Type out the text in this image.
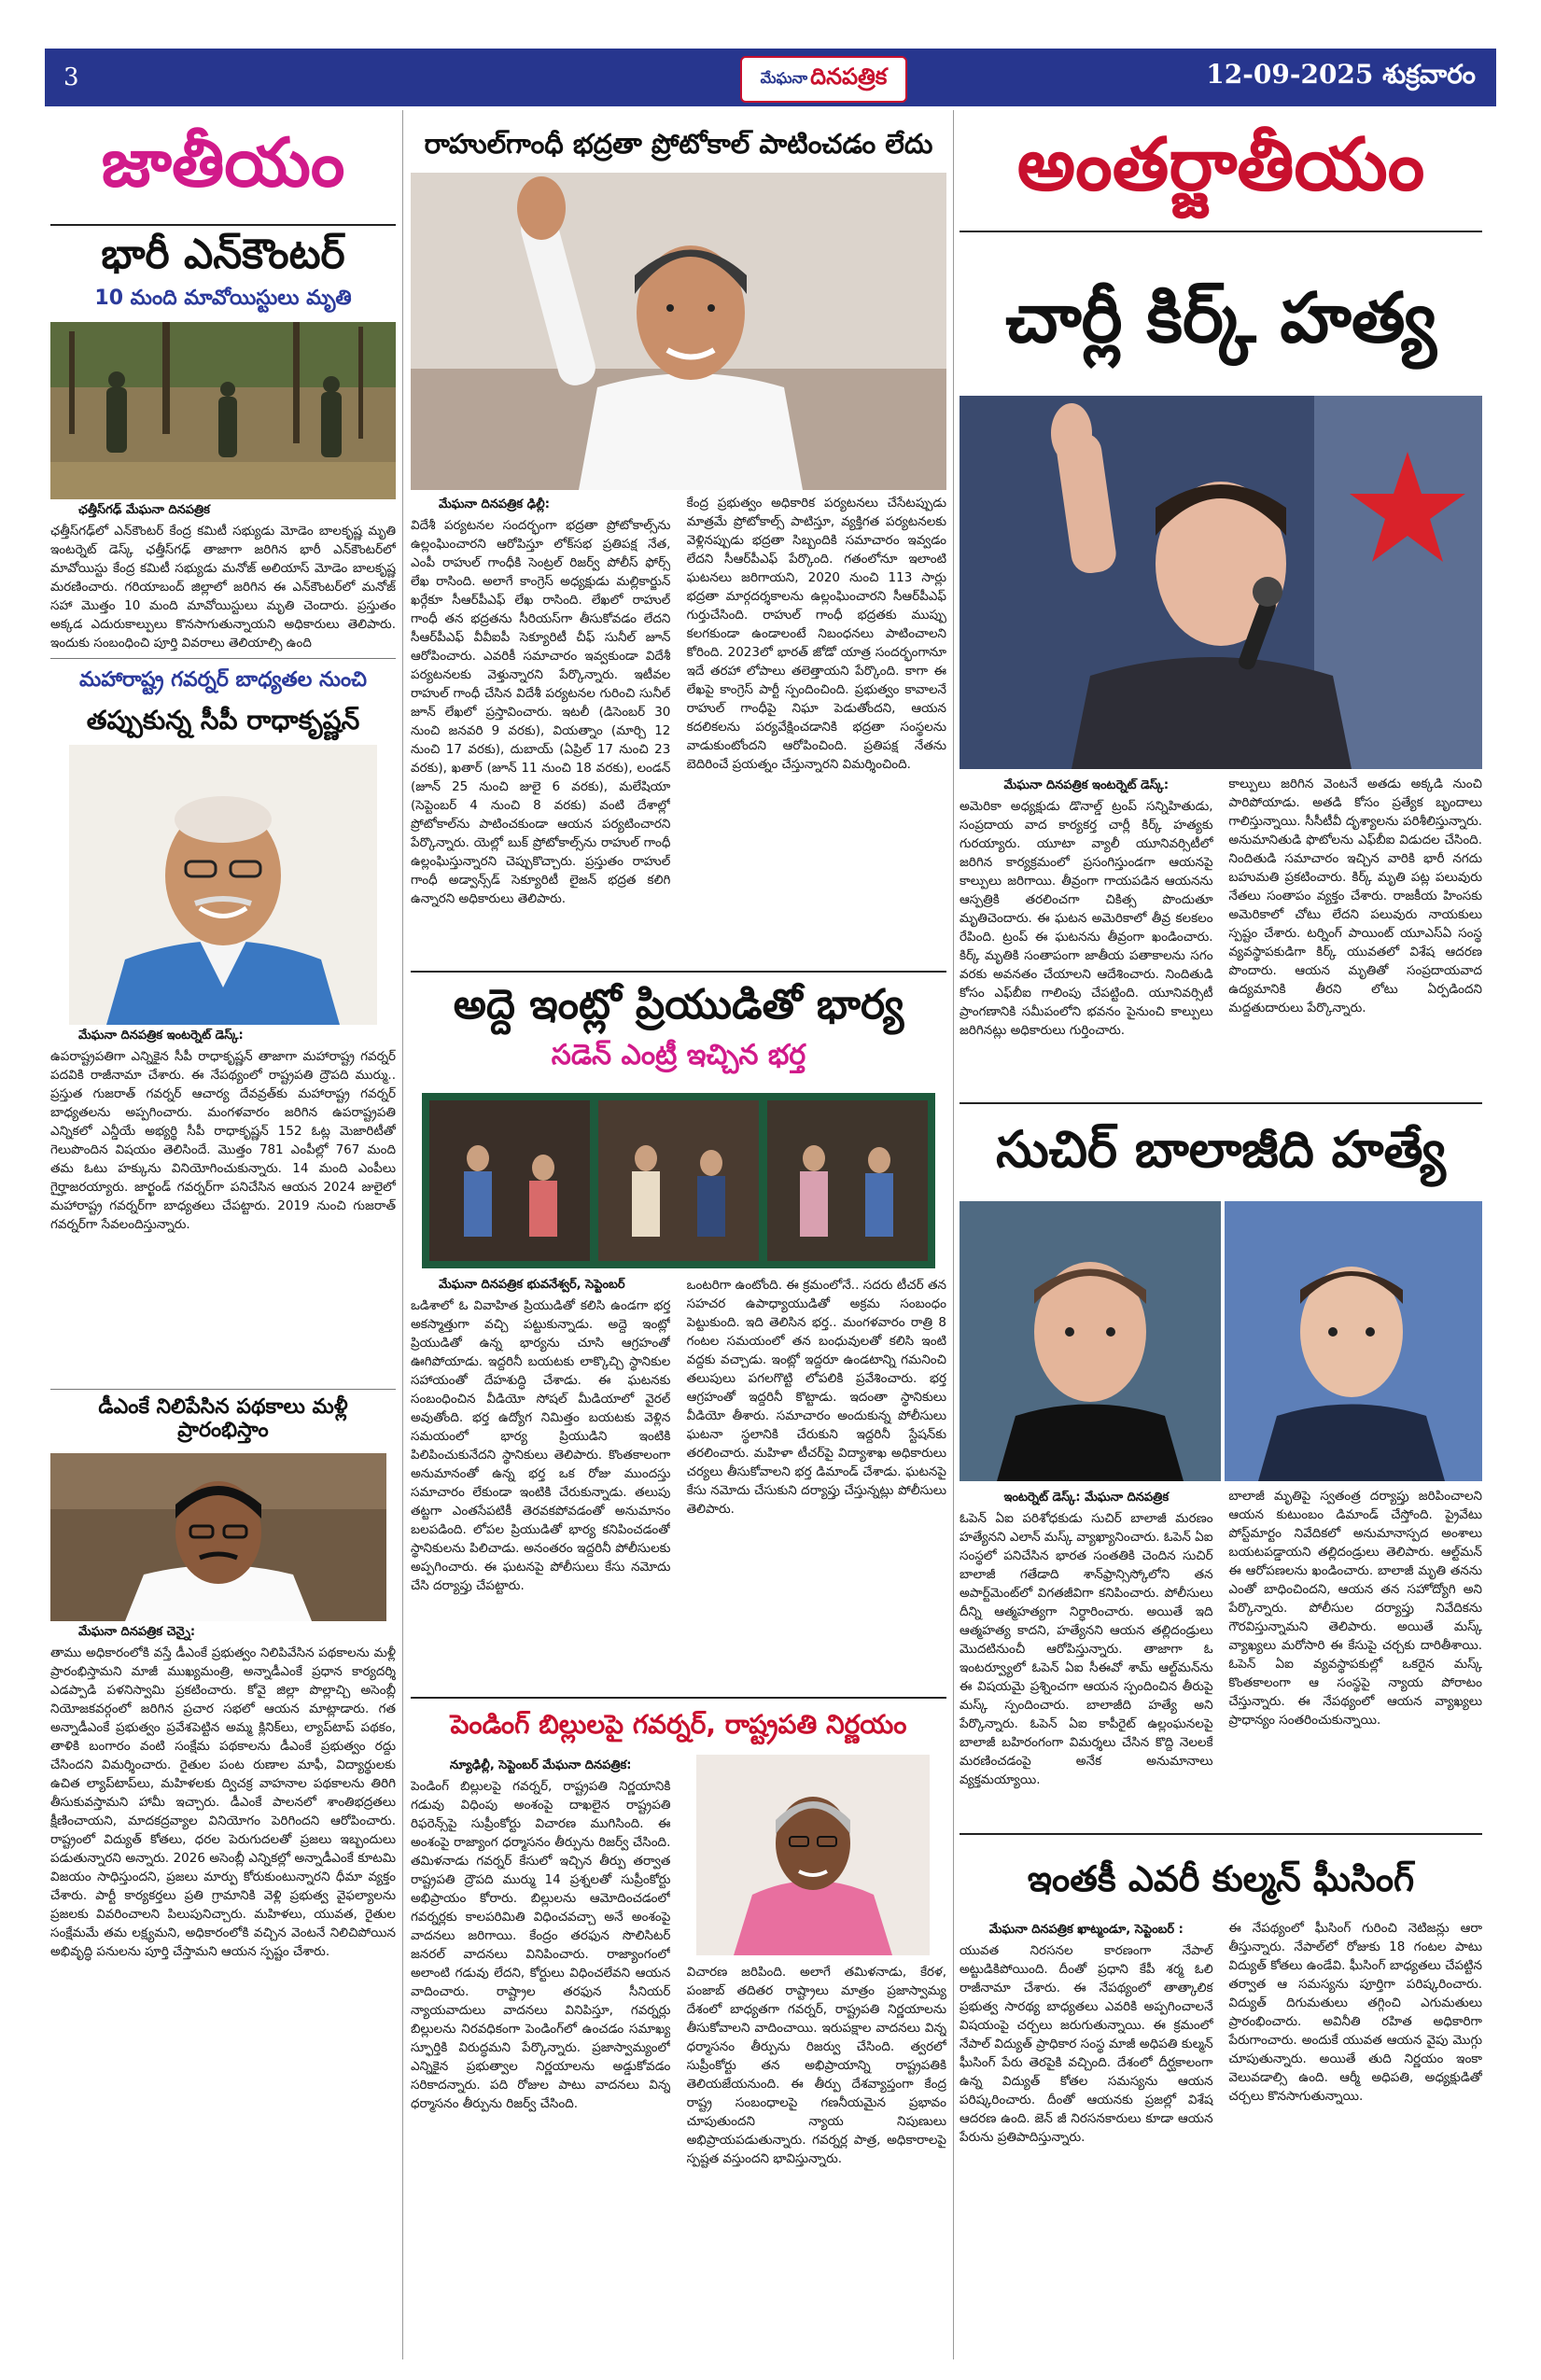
3	12-09-2025 శుక్రవారం
మేఘనా దినపత్రిక
జాతీయం
భారీ ఎన్‌కౌంటర్
10 మంది మావోయిస్టులు మృతి
ఛత్తీస్‌గఢ్ మేఘనా దినపత్రిక
ఛత్తీస్‌గఢ్‌లో ఎన్‌కౌంటర్ కేంద్ర కమిటీ సభ్యుడు మోడెం బాలకృష్ణ మృతి ఇంటర్నెట్ డెస్క్ ఛత్తీస్‌గఢ్ తాజాగా జరిగిన భారీ ఎన్‌కౌంటర్‌లో మావోయిస్టు కేంద్ర కమిటీ సభ్యుడు మనోజ్ అలియాస్ మోడెం బాలకృష్ణ మరణించారు. గరియాబంద్ జిల్లాలో జరిగిన ఈ ఎన్‌కౌంటర్‌లో మనోజ్ సహా మొత్తం 10 మంది మావోయిస్టులు మృతి చెందారు. ప్రస్తుతం అక్కడ ఎదురుకాల్పులు కొనసాగుతున్నాయని అధికారులు తెలిపారు. ఇందుకు సంబంధించి పూర్తి వివరాలు తెలియాల్సి ఉంది
మహారాష్ట్ర గవర్నర్ బాధ్యతల నుంచి
తప్పుకున్న సీపీ రాధాకృష్ణన్
మేఘనా దినపత్రిక ఇంటర్నెట్ డెస్క్:
ఉపరాష్ట్రపతిగా ఎన్నికైన సీపీ రాధాకృష్ణన్ తాజాగా మహారాష్ట్ర గవర్నర్ పదవికి రాజీనామా చేశారు. ఈ నేపథ్యంలో రాష్ట్రపతి ద్రౌపది ముర్ము.. ప్రస్తుత గుజరాత్ గవర్నర్ ఆచార్య దేవవ్రత్‌కు మహారాష్ట్ర గవర్నర్ బాధ్యతలను అప్పగించారు. మంగళవారం జరిగిన ఉపరాష్ట్రపతి ఎన్నికలో ఎన్డీయే అభ్యర్థి సీపీ రాధాకృష్ణన్ 152 ఓట్ల మెజారిటీతో గెలుపొందిన విషయం తెలిసిందే. మొత్తం 781 ఎంపీల్లో 767 మంది తమ ఓటు హక్కును వినియోగించుకున్నారు. 14 మంది ఎంపీలు గైర్హాజరయ్యారు. జార్ఖండ్ గవర్నర్‌గా పనిచేసిన ఆయన 2024 జులైలో మహారాష్ట్ర గవర్నర్‌గా బాధ్యతలు చేపట్టారు. 2019 నుంచి గుజరాత్ గవర్నర్‌గా సేవలందిస్తున్నారు.
డీఎంకే నిలిపేసిన పథకాలు మళ్లీ ప్రారంభిస్తాం
మేఘనా దినపత్రిక చెన్నై:
తాము అధికారంలోకి వస్తే డీఎంకే ప్రభుత్వం నిలిపివేసిన పథకాలను మళ్లీ ప్రారంభిస్తామని మాజీ ముఖ్యమంత్రి, అన్నాడీఎంకే ప్రధాన కార్యదర్శి ఎడప్పాడి పళనిస్వామి ప్రకటించారు. కోవై జిల్లా పొల్లాచ్చి అసెంబ్లీ నియోజకవర్గంలో జరిగిన ప్రచార సభలో ఆయన మాట్లాడారు. గత అన్నాడీఎంకే ప్రభుత్వం ప్రవేశపెట్టిన అమ్మ క్లినిక్‌లు, ల్యాప్‌టాప్ పథకం, తాళికి బంగారం వంటి సంక్షేమ పథకాలను డీఎంకే ప్రభుత్వం రద్దు చేసిందని విమర్శించారు. రైతుల పంట రుణాల మాఫీ, విద్యార్థులకు ఉచిత ల్యాప్‌టాప్‌లు, మహిళలకు ద్విచక్ర వాహనాల పథకాలను తిరిగి తీసుకువస్తామని హామీ ఇచ్చారు. డీఎంకే పాలనలో శాంతిభద్రతలు క్షీణించాయని, మాదకద్రవ్యాల వినియోగం పెరిగిందని ఆరోపించారు. రాష్ట్రంలో విద్యుత్ కోతలు, ధరల పెరుగుదలతో ప్రజలు ఇబ్బందులు పడుతున్నారని అన్నారు. 2026 అసెంబ్లీ ఎన్నికల్లో అన్నాడీఎంకే కూటమి విజయం సాధిస్తుందని, ప్రజలు మార్పు కోరుకుంటున్నారని ధీమా వ్యక్తం చేశారు. పార్టీ కార్యకర్తలు ప్రతి గ్రామానికి వెళ్లి ప్రభుత్వ వైఫల్యాలను ప్రజలకు వివరించాలని పిలుపునిచ్చారు. మహిళలు, యువత, రైతుల సంక్షేమమే తమ లక్ష్యమని, అధికారంలోకి వచ్చిన వెంటనే నిలిచిపోయిన అభివృద్ధి పనులను పూర్తి చేస్తామని ఆయన స్పష్టం చేశారు.
రాహుల్‌గాంధీ భద్రతా ప్రోటోకాల్ పాటించడం లేదు
మేఘనా దినపత్రిక ఢిల్లీ:
విదేశీ పర్యటనల సందర్భంగా భద్రతా ప్రోటోకాల్స్‌ను ఉల్లంఘించారని ఆరోపిస్తూ లోక్‌సభ ప్రతిపక్ష నేత, ఎంపీ రాహుల్ గాంధీకి సెంట్రల్ రిజర్వ్ పోలీస్ ఫోర్స్ లేఖ రాసింది. అలాగే కాంగ్రెస్ అధ్యక్షుడు మల్లికార్జున్ ఖర్గేకూ సీఆర్‌పీఎఫ్ లేఖ రాసింది. లేఖలో రాహుల్ గాంధీ తన భద్రతను సీరియస్‌గా తీసుకోవడం లేదని సీఆర్‌పీఎఫ్ వీవీఐపీ సెక్యూరిటీ చీఫ్ సునీల్ జూన్ ఆరోపించారు. ఎవరికీ సమాచారం ఇవ్వకుండా విదేశీ పర్యటనలకు వెళ్తున్నారని పేర్కొన్నారు. ఇటీవల రాహుల్ గాంధీ చేసిన విదేశీ పర్యటనల గురించి సునీల్ జూన్ లేఖలో ప్రస్తావించారు. ఇటలీ (డిసెంబర్ 30 నుంచి జనవరి 9 వరకు), వియత్నాం (మార్చి 12 నుంచి 17 వరకు), దుబాయ్ (ఏప్రిల్ 17 నుంచి 23 వరకు), ఖతార్ (జూన్ 11 నుంచి 18 వరకు), లండన్ (జూన్ 25 నుంచి జులై 6 వరకు), మలేషియా (సెప్టెంబర్ 4 నుంచి 8 వరకు) వంటి దేశాల్లో ప్రోటోకాల్‌ను పాటించకుండా ఆయన పర్యటించారని పేర్కొన్నారు. యెల్లో బుక్ ప్రోటోకాల్స్‌ను రాహుల్ గాంధీ ఉల్లంఘిస్తున్నారని చెప్పుకొచ్చారు. ప్రస్తుతం రాహుల్ గాంధీ అడ్వాన్స్‌డ్ సెక్యూరిటీ లైజన్ భద్రత కలిగి ఉన్నారని అధికారులు తెలిపారు.
కేంద్ర ప్రభుత్వం అధికారిక పర్యటనలు చేసేటప్పుడు మాత్రమే ప్రోటోకాల్స్ పాటిస్తూ, వ్యక్తిగత పర్యటనలకు వెళ్లినప్పుడు భద్రతా సిబ్బందికి సమాచారం ఇవ్వడం లేదని సీఆర్‌పీఎఫ్ పేర్కొంది. గతంలోనూ ఇలాంటి ఘటనలు జరిగాయని, 2020 నుంచి 113 సార్లు భద్రతా మార్గదర్శకాలను ఉల్లంఘించారని సీఆర్‌పీఎఫ్ గుర్తుచేసింది. రాహుల్ గాంధీ భద్రతకు ముప్పు కలగకుండా ఉండాలంటే నిబంధనలు పాటించాలని కోరింది. 2023లో భారత్ జోడో యాత్ర సందర్భంగానూ ఇదే తరహా లోపాలు తలెత్తాయని పేర్కొంది. కాగా ఈ లేఖపై కాంగ్రెస్ పార్టీ స్పందించింది. ప్రభుత్వం కావాలనే రాహుల్ గాంధీపై నిఘా పెడుతోందని, ఆయన కదలికలను పర్యవేక్షించడానికి భద్రతా సంస్థలను వాడుకుంటోందని ఆరోపించింది. ప్రతిపక్ష నేతను బెదిరించే ప్రయత్నం చేస్తున్నారని విమర్శించింది.
అద్దె ఇంట్లో ప్రియుడితో భార్య
సడెన్ ఎంట్రీ ఇచ్చిన భర్త
మేఘనా దినపత్రిక భువనేశ్వర్, సెప్టెంబర్
ఒడిశాలో ఓ వివాహిత ప్రియుడితో కలిసి ఉండగా భర్త అకస్మాత్తుగా వచ్చి పట్టుకున్నాడు. అద్దె ఇంట్లో ప్రియుడితో ఉన్న భార్యను చూసి ఆగ్రహంతో ఊగిపోయాడు. ఇద్దరినీ బయటకు లాక్కొచ్చి స్థానికుల సహాయంతో దేహశుద్ధి చేశాడు. ఈ ఘటనకు సంబంధించిన వీడియో సోషల్ మీడియాలో వైరల్ అవుతోంది. భర్త ఉద్యోగ నిమిత్తం బయటకు వెళ్లిన సమయంలో భార్య ప్రియుడిని ఇంటికి పిలిపించుకునేదని స్థానికులు తెలిపారు. కొంతకాలంగా అనుమానంతో ఉన్న భర్త ఒక రోజు ముందస్తు సమాచారం లేకుండా ఇంటికి చేరుకున్నాడు. తలుపు తట్టగా ఎంతసేపటికీ తెరవకపోవడంతో అనుమానం బలపడింది. లోపల ప్రియుడితో భార్య కనిపించడంతో స్థానికులను పిలిచాడు. అనంతరం ఇద్దరినీ పోలీసులకు అప్పగించారు. ఈ ఘటనపై పోలీసులు కేసు నమోదు చేసి దర్యాప్తు చేపట్టారు.
ఒంటరిగా ఉంటోంది. ఈ క్రమంలోనే.. సదరు టీచర్ తన సహచర ఉపాధ్యాయుడితో అక్రమ సంబంధం పెట్టుకుంది. ఇది తెలిసిన భర్త.. మంగళవారం రాత్రి 8 గంటల సమయంలో తన బంధువులతో కలిసి ఇంటి వద్దకు వచ్చాడు. ఇంట్లో ఇద్దరూ ఉండటాన్ని గమనించి తలుపులు పగలగొట్టి లోపలికి ప్రవేశించారు. భర్త ఆగ్రహంతో ఇద్దరినీ కొట్టాడు. ఇదంతా స్థానికులు వీడియో తీశారు. సమాచారం అందుకున్న పోలీసులు ఘటనా స్థలానికి చేరుకుని ఇద్దరినీ స్టేషన్‌కు తరలించారు. మహిళా టీచర్‌పై విద్యాశాఖ అధికారులు చర్యలు తీసుకోవాలని భర్త డిమాండ్ చేశాడు. ఘటనపై కేసు నమోదు చేసుకుని దర్యాప్తు చేస్తున్నట్లు పోలీసులు తెలిపారు.
పెండింగ్ బిల్లులపై గవర్నర్, రాష్ట్రపతి నిర్ణయం
న్యూఢిల్లీ, సెప్టెంబర్ మేఘనా దినపత్రిక:
పెండింగ్ బిల్లులపై గవర్నర్, రాష్ట్రపతి నిర్ణయానికి గడువు విధింపు అంశంపై దాఖలైన రాష్ట్రపతి రిఫరెన్స్‌పై సుప్రీంకోర్టు విచారణ ముగిసింది. ఈ అంశంపై రాజ్యాంగ ధర్మాసనం తీర్పును రిజర్వ్ చేసింది. తమిళనాడు గవర్నర్ కేసులో ఇచ్చిన తీర్పు తర్వాత రాష్ట్రపతి ద్రౌపది ముర్ము 14 ప్రశ్నలతో సుప్రీంకోర్టు అభిప్రాయం కోరారు. బిల్లులను ఆమోదించడంలో గవర్నర్లకు కాలపరిమితి విధించవచ్చా అనే అంశంపై వాదనలు జరిగాయి. కేంద్రం తరఫున సొలిసిటర్ జనరల్ వాదనలు వినిపించారు. రాజ్యాంగంలో అలాంటి గడువు లేదని, కోర్టులు విధించలేవని ఆయన వాదించారు. రాష్ట్రాల తరఫున సీనియర్ న్యాయవాదులు వాదనలు వినిపిస్తూ, గవర్నర్లు బిల్లులను నిరవధికంగా పెండింగ్‌లో ఉంచడం సమాఖ్య స్ఫూర్తికి విరుద్ధమని పేర్కొన్నారు. ప్రజాస్వామ్యంలో ఎన్నికైన ప్రభుత్వాల నిర్ణయాలను అడ్డుకోవడం సరికాదన్నారు. పది రోజుల పాటు వాదనలు విన్న ధర్మాసనం తీర్పును రిజర్వ్ చేసింది.
విచారణ జరిపింది. అలాగే తమిళనాడు, కేరళ, పంజాబ్ తదితర రాష్ట్రాలు మాత్రం ప్రజాస్వామ్య దేశంలో బాధ్యతగా గవర్నర్, రాష్ట్రపతి నిర్ణయాలను తీసుకోవాలని వాదించాయి. ఇరుపక్షాల వాదనలు విన్న ధర్మాసనం తీర్పును రిజర్వు చేసింది. త్వరలో సుప్రీంకోర్టు తన అభిప్రాయాన్ని రాష్ట్రపతికి తెలియజేయనుంది. ఈ తీర్పు దేశవ్యాప్తంగా కేంద్ర రాష్ట్ర సంబంధాలపై గణనీయమైన ప్రభావం చూపుతుందని న్యాయ నిపుణులు అభిప్రాయపడుతున్నారు. గవర్నర్ల పాత్ర, అధికారాలపై స్పష్టత వస్తుందని భావిస్తున్నారు.
అంతర్జాతీయం
చార్లీ కిర్క్ హత్య
మేఘనా దినపత్రిక ఇంటర్నెట్ డెస్క్:
అమెరికా అధ్యక్షుడు డొనాల్డ్ ట్రంప్ సన్నిహితుడు, సంప్రదాయ వాద కార్యకర్త చార్లీ కిర్క్ హత్యకు గురయ్యారు. యూటా వ్యాలీ యూనివర్సిటీలో జరిగిన కార్యక్రమంలో ప్రసంగిస్తుండగా ఆయనపై కాల్పులు జరిగాయి. తీవ్రంగా గాయపడిన ఆయనను ఆస్పత్రికి తరలించగా చికిత్స పొందుతూ మృతిచెందారు. ఈ ఘటన అమెరికాలో తీవ్ర కలకలం రేపింది. ట్రంప్ ఈ ఘటనను తీవ్రంగా ఖండించారు. కిర్క్ మృతికి సంతాపంగా జాతీయ పతాకాలను సగం వరకు అవనతం చేయాలని ఆదేశించారు. నిందితుడి కోసం ఎఫ్‌బీఐ గాలింపు చేపట్టింది. యూనివర్సిటీ ప్రాంగణానికి సమీపంలోని భవనం పైనుంచి కాల్పులు జరిగినట్లు అధికారులు గుర్తించారు.
కాల్పులు జరిగిన వెంటనే అతడు అక్కడి నుంచి పారిపోయాడు. అతడి కోసం ప్రత్యేక బృందాలు గాలిస్తున్నాయి. సీసీటీవీ దృశ్యాలను పరిశీలిస్తున్నారు. అనుమానితుడి ఫొటోలను ఎఫ్‌బీఐ విడుదల చేసింది. నిందితుడి సమాచారం ఇచ్చిన వారికి భారీ నగదు బహుమతి ప్రకటించారు. కిర్క్ మృతి పట్ల పలువురు నేతలు సంతాపం వ్యక్తం చేశారు. రాజకీయ హింసకు అమెరికాలో చోటు లేదని పలువురు నాయకులు స్పష్టం చేశారు. టర్నింగ్ పాయింట్ యూఎస్ఏ సంస్థ వ్యవస్థాపకుడిగా కిర్క్ యువతలో విశేష ఆదరణ పొందారు. ఆయన మృతితో సంప్రదాయవాద ఉద్యమానికి తీరని లోటు ఏర్పడిందని మద్దతుదారులు పేర్కొన్నారు.
సుచిర్ బాలాజీది హత్యే
ఇంటర్నెట్ డెస్క్: మేఘనా దినపత్రిక
ఓపెన్ ఏఐ పరిశోధకుడు సుచిర్ బాలాజీ మరణం హత్యేనని ఎలాన్ మస్క్ వ్యాఖ్యానించారు. ఓపెన్ ఏఐ సంస్థలో పనిచేసిన భారత సంతతికి చెందిన సుచిర్ బాలాజీ గతేడాది శాన్‌ఫ్రాన్సిస్కోలోని తన అపార్ట్‌మెంట్‌లో విగతజీవిగా కనిపించారు. పోలీసులు దీన్ని ఆత్మహత్యగా నిర్ధారించారు. అయితే ఇది ఆత్మహత్య కాదని, హత్యేనని ఆయన తల్లిదండ్రులు మొదటినుంచీ ఆరోపిస్తున్నారు. తాజాగా ఓ ఇంటర్వ్యూలో ఓపెన్ ఏఐ సీఈవో శామ్ ఆల్ట్‌మన్‌ను ఈ విషయమై ప్రశ్నించగా ఆయన స్పందించిన తీరుపై మస్క్ స్పందించారు. బాలాజీది హత్యే అని పేర్కొన్నారు. ఓపెన్ ఏఐ కాపీరైట్ ఉల్లంఘనలపై బాలాజీ బహిరంగంగా విమర్శలు చేసిన కొద్ది నెలలకే మరణించడంపై అనేక అనుమానాలు వ్యక్తమయ్యాయి.
బాలాజీ మృతిపై స్వతంత్ర దర్యాప్తు జరిపించాలని ఆయన కుటుంబం డిమాండ్ చేస్తోంది. ప్రైవేటు పోస్ట్‌మార్టం నివేదికలో అనుమానాస్పద అంశాలు బయటపడ్డాయని తల్లిదండ్రులు తెలిపారు. ఆల్ట్‌మన్ ఈ ఆరోపణలను ఖండించారు. బాలాజీ మృతి తనను ఎంతో బాధించిందని, ఆయన తన సహోద్యోగి అని పేర్కొన్నారు. పోలీసుల దర్యాప్తు నివేదికను గౌరవిస్తున్నామని తెలిపారు. అయితే మస్క్ వ్యాఖ్యలు మరోసారి ఈ కేసుపై చర్చకు దారితీశాయి. ఓపెన్ ఏఐ వ్యవస్థాపకుల్లో ఒకరైన మస్క్ కొంతకాలంగా ఆ సంస్థపై న్యాయ పోరాటం చేస్తున్నారు. ఈ నేపథ్యంలో ఆయన వ్యాఖ్యలు ప్రాధాన్యం సంతరించుకున్నాయి.
ఇంతకీ ఎవరీ కుల్మన్ ఘీసింగ్
మేఘనా దినపత్రిక ఖాట్మండూ, సెప్టెంబర్ :
యువత నిరసనల కారణంగా నేపాల్ అట్టుడికిపోయింది. దీంతో ప్రధాని కేపీ శర్మ ఓలి రాజీనామా చేశారు. ఈ నేపథ్యంలో తాత్కాలిక ప్రభుత్వ సారథ్య బాధ్యతలు ఎవరికి అప్పగించాలనే విషయంపై చర్చలు జరుగుతున్నాయి. ఈ క్రమంలో నేపాల్ విద్యుత్ ప్రాధికార సంస్థ మాజీ అధిపతి కుల్మన్ ఘీసింగ్ పేరు తెరపైకి వచ్చింది. దేశంలో దీర్ఘకాలంగా ఉన్న విద్యుత్ కోతల సమస్యను ఆయన పరిష్కరించారు. దీంతో ఆయనకు ప్రజల్లో విశేష ఆదరణ ఉంది. జెన్ జీ నిరసనకారులు కూడా ఆయన పేరును ప్రతిపాదిస్తున్నారు.
ఈ నేపథ్యంలో ఘీసింగ్ గురించి నెటిజన్లు ఆరా తీస్తున్నారు. నేపాల్‌లో రోజుకు 18 గంటల పాటు విద్యుత్ కోతలు ఉండేవి. ఘీసింగ్ బాధ్యతలు చేపట్టిన తర్వాత ఆ సమస్యను పూర్తిగా పరిష్కరించారు. విద్యుత్ దిగుమతులు తగ్గించి ఎగుమతులు ప్రారంభించారు. అవినీతి రహిత అధికారిగా పేరుగాంచారు. అందుకే యువత ఆయన వైపు మొగ్గు చూపుతున్నారు. అయితే తుది నిర్ణయం ఇంకా వెలువడాల్సి ఉంది. ఆర్మీ అధిపతి, అధ్యక్షుడితో చర్చలు కొనసాగుతున్నాయి.
